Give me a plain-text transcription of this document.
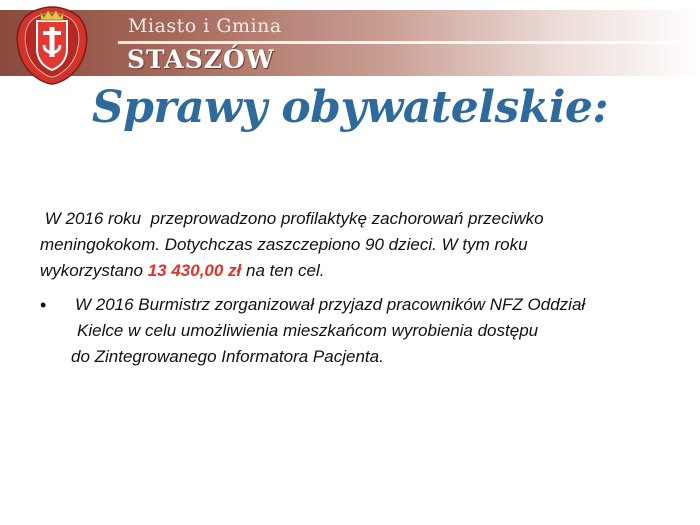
Miasto i Gmina
STASZÓW
Sprawy obywatelskie:
W 2016 roku  przeprowadzono profilaktykę zachorowań przeciwko
meningokokom. Dotychczas zaszczepiono 90 dzieci. W tym roku
wykorzystano 13 430,00 zł na ten cel.
•	W 2016 Burmistrz zorganizował przyjazd pracowników NFZ Oddział
Kielce w celu umożliwienia mieszkańcom wyrobienia dostępu
do Zintegrowanego Informatora Pacjenta.
